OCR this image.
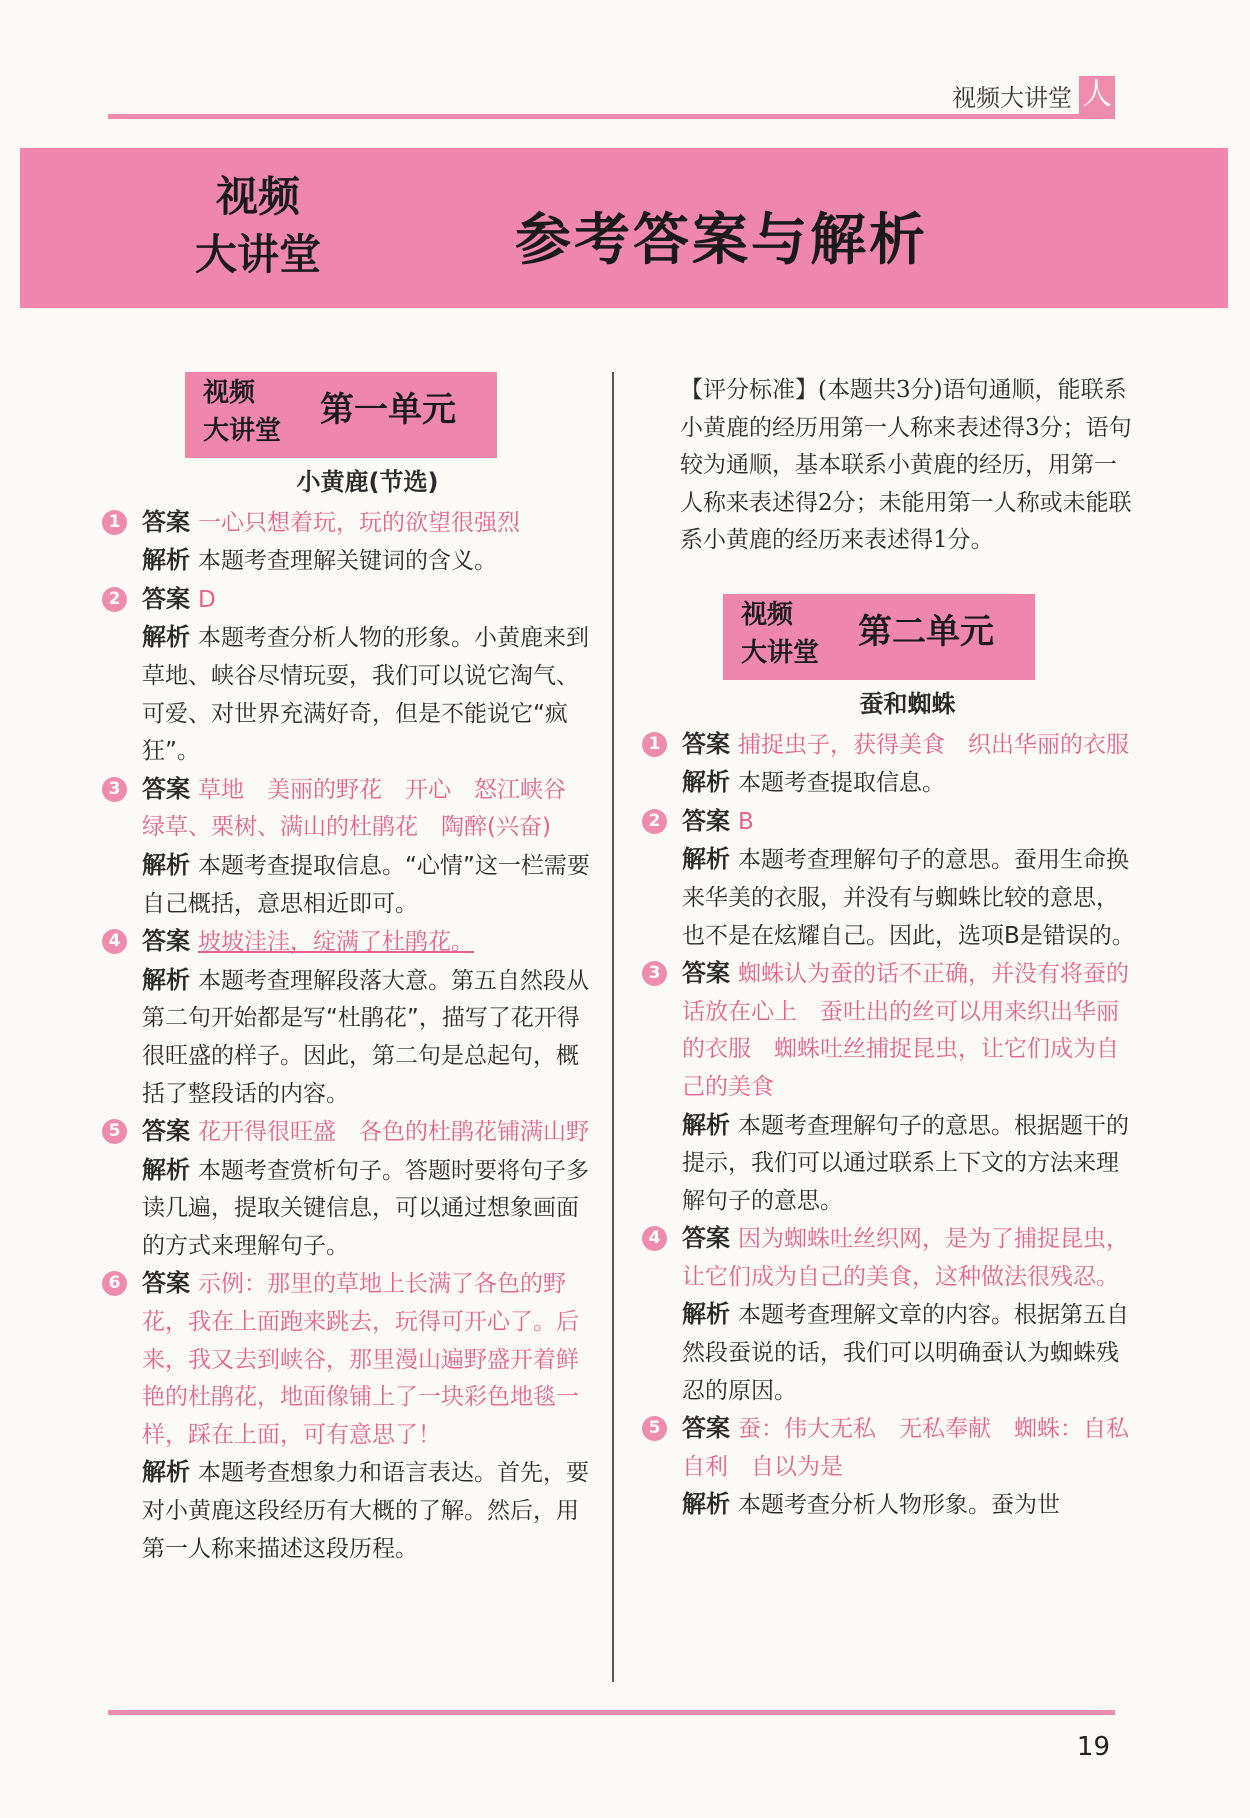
视频大讲堂 人
视频
大讲堂	参考答案与解析
视频
大讲堂
第一单元
小黄鹿(节选)
1 答案 一心只想着玩，玩的欲望很强烈

解析 本题考查理解关键词的含义。

2 答案 D

解析 本题考查分析人物的形象。小黄鹿来到草地、峡谷尽情玩耍，我们可以说它淘气、可爱、对世界充满好奇，但是不能说它“疯狂”。

3 答案 草地　美丽的野花　开心　怒江峡谷　绿草、栗树、满山的杜鹃花　陶醉(兴奋)

解析 本题考查提取信息。“心情”这一栏需要自己概括，意思相近即可。

4 答案 坡坡洼洼，绽满了杜鹃花。

解析 本题考查理解段落大意。第五自然段从第二句开始都是写“杜鹃花”，描写了花开得很旺盛的样子。因此，第二句是总起句，概括了整段话的内容。

5 答案 花开得很旺盛　各色的杜鹃花铺满山野

解析 本题考查赏析句子。答题时要将句子多读几遍，提取关键信息，可以通过想象画面的方式来理解句子。

6 答案 示例：那里的草地上长满了各色的野花，我在上面跑来跳去，玩得可开心了。后来，我又去到峡谷，那里漫山遍野盛开着鲜艳的杜鹃花，地面像铺上了一块彩色地毯一样，踩在上面，可有意思了！

解析 本题考查想象力和语言表达。首先，要对小黄鹿这段经历有大概的了解。然后，用第一人称来描述这段历程。

【评分标准】(本题共3分)语句通顺，能联系小黄鹿的经历用第一人称来表述得3分；语句较为通顺，基本联系小黄鹿的经历，用第一人称来表述得2分；未能用第一人称或未能联系小黄鹿的经历来表述得1分。

视频
大讲堂
第二单元
蚕和蜘蛛
1 答案 捕捉虫子，获得美食　织出华丽的衣服

解析 本题考查提取信息。

2 答案 B

解析 本题考查理解句子的意思。蚕用生命换来华美的衣服，并没有与蜘蛛比较的意思，也不是在炫耀自己。因此，选项B是错误的。

3 答案 蜘蛛认为蚕的话不正确，并没有将蚕的话放在心上　蚕吐出的丝可以用来织出华丽的衣服　蜘蛛吐丝捕捉昆虫，让它们成为自己的美食

解析 本题考查理解句子的意思。根据题干的提示，我们可以通过联系上下文的方法来理解句子的意思。

4 答案 因为蜘蛛吐丝织网，是为了捕捉昆虫，让它们成为自己的美食，这种做法很残忍。

解析 本题考查理解文章的内容。根据第五自然段蚕说的话，我们可以明确蚕认为蜘蛛残忍的原因。

5 答案 蚕：伟大无私　无私奉献　蜘蛛：自私自利　自以为是

解析 本题考查分析人物形象。蚕为世

19
